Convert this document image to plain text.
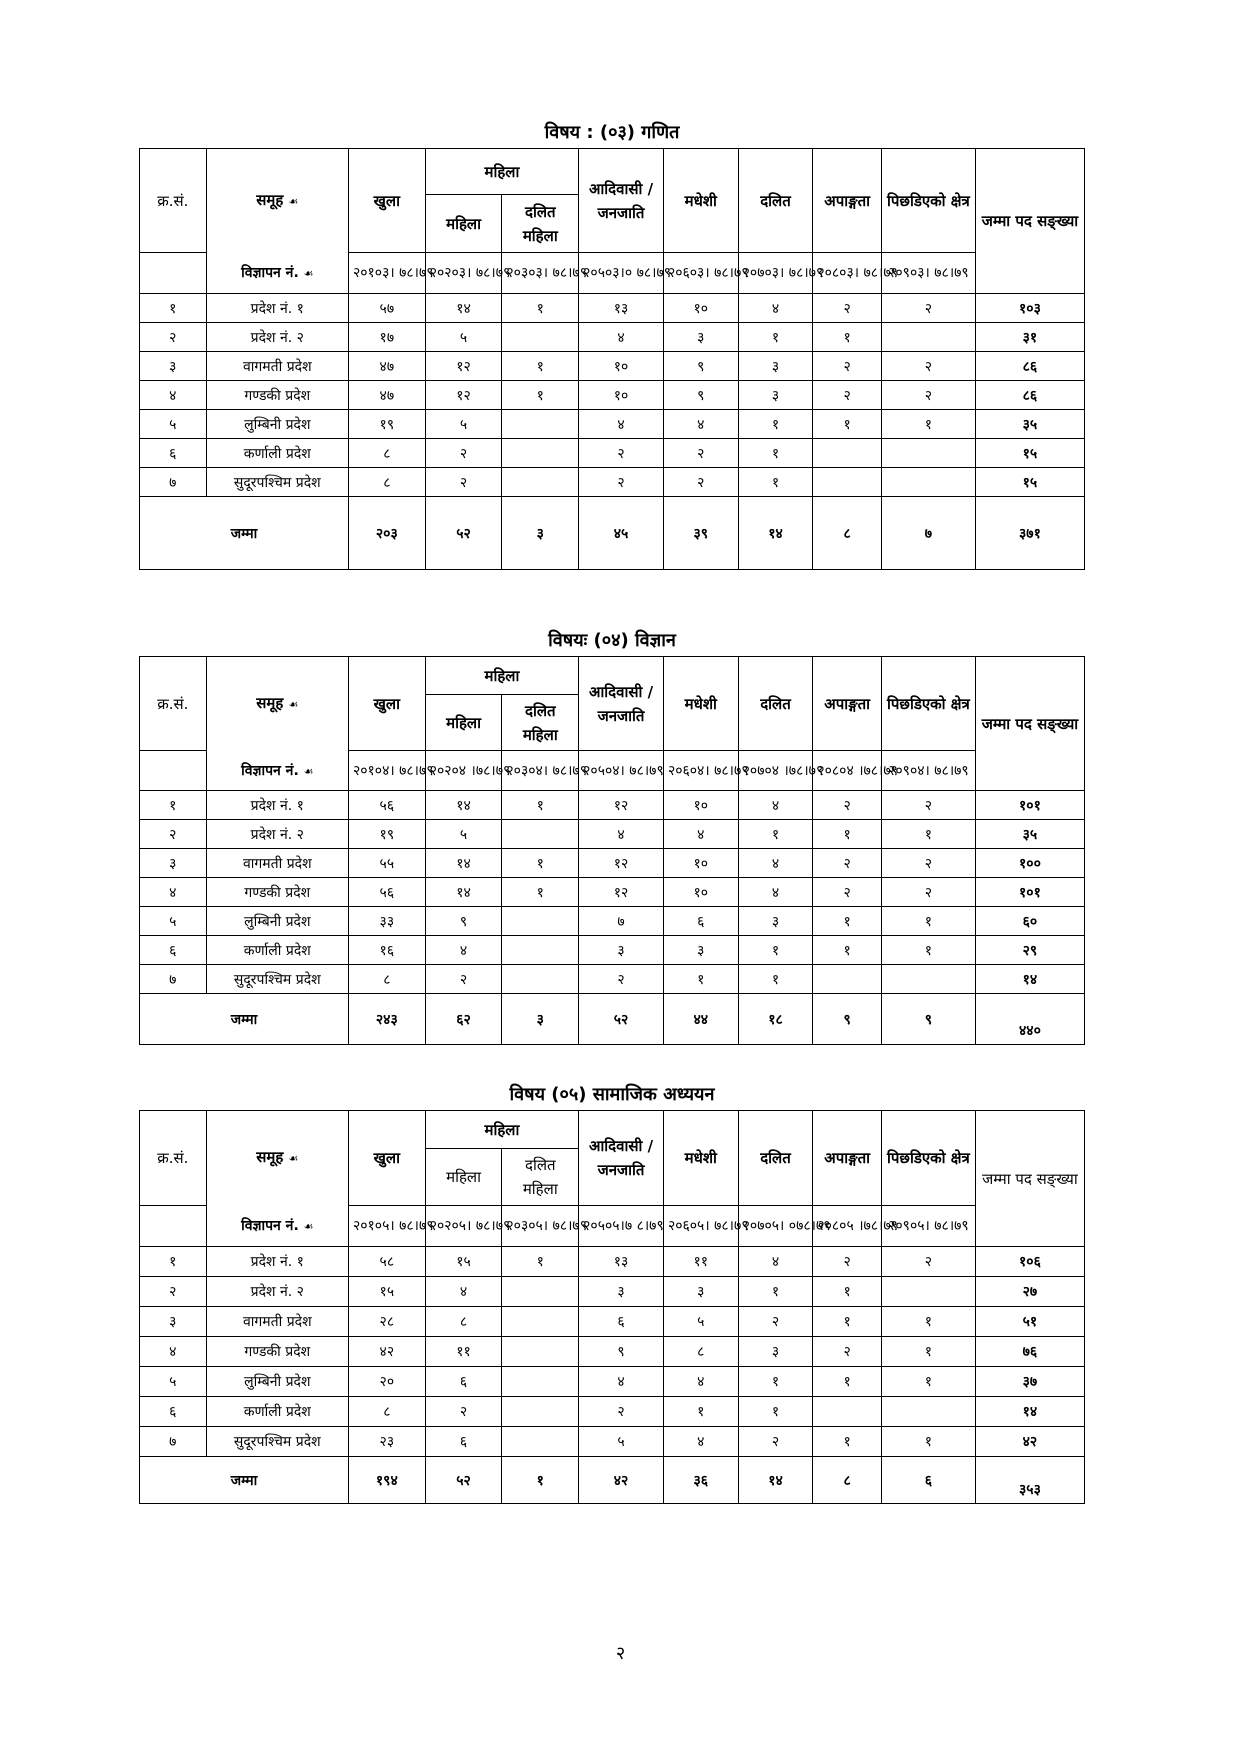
विषय : (०३) गणित
क्र.सं.	समूह ☙	खुला	महिला		आदिवासी / जनजाति	मधेशी	दलित	अपाङ्गता	पिछडिएको क्षेत्र	जम्मा पद सङ्ख्या
			महिला	दलित महिला						
	विज्ञापन नं. ☙	२०१०३। ७८।७९	२०२०३। ७८।७९	२०३०३। ७८।७९	२०५०३।० ७८।७९	२०६०३। ७८।७९	२०७०३। ७८।७९	२०८०३। ७८।७९	२०९०३। ७८।७९	
१	प्रदेश नं. १	५७	१४	१	१३	१०	४	२	२	१०३
२	प्रदेश नं. २	१७	५		४	३	१	१		३१
३	वागमती प्रदेश	४७	१२	१	१०	९	३	२	२	८६
४	गण्डकी प्रदेश	४७	१२	१	१०	९	३	२	२	८६
५	लुम्बिनी प्रदेश	१९	५		४	४	१	१	१	३५
६	कर्णाली प्रदेश	८	२		२	२	१			१५
७	सुदूरपश्चिम प्रदेश	८	२		२	२	१			१५
जम्मा		२०३	५२	३	४५	३९	१४	८	७	३७१
विषयः (०४) विज्ञान
क्र.सं.	समूह ☙	खुला	महिला		आदिवासी / जनजाति	मधेशी	दलित	अपाङ्गता	पिछडिएको क्षेत्र	जम्मा पद सङ्ख्या
			महिला	दलित महिला						
	विज्ञापन नं. ☙	२०१०४। ७८।७९	२०२०४ ।७८।७९	२०३०४। ७८।७९	२०५०४। ७८।७९	२०६०४। ७८।७९	२०७०४ ।७८।७९	२०८०४ ।७८।७९	२०९०४। ७८।७९	
१	प्रदेश नं. १	५६	१४	१	१२	१०	४	२	२	१०१
२	प्रदेश नं. २	१९	५		४	४	१	१	१	३५
३	वागमती प्रदेश	५५	१४	१	१२	१०	४	२	२	१००
४	गण्डकी प्रदेश	५६	१४	१	१२	१०	४	२	२	१०१
५	लुम्बिनी प्रदेश	३३	९		७	६	३	१	१	६०
६	कर्णाली प्रदेश	१६	४		३	३	१	१	१	२९
७	सुदूरपश्चिम प्रदेश	८	२		२	१	१			१४
जम्मा		२४३	६२	३	५२	४४	१८	९	९	४४०
विषय (०५) सामाजिक अध्ययन
क्र.सं.	समूह ☙	खुला	महिला		आदिवासी / जनजाति	मधेशी	दलित	अपाङ्गता	पिछडिएको क्षेत्र	जम्मा पद सङ्ख्या
			महिला	दलित महिला						
	विज्ञापन नं. ☙	२०१०५। ७८।७९	२०२०५। ७८।७९	२०३०५। ७८।७९	२०५०५।७ ८।७९	२०६०५। ७८।७९	२०७०५। ०७८।७९	२०८०५ ।७८।७९	२०९०५। ७८।७९	
१	प्रदेश नं. १	५८	१५	१	१३	११	४	२	२	१०६
२	प्रदेश नं. २	१५	४		३	३	१	१		२७
३	वागमती प्रदेश	२८	८		६	५	२	१	१	५१
४	गण्डकी प्रदेश	४२	११		९	८	३	२	१	७६
५	लुम्बिनी प्रदेश	२०	६		४	४	१	१	१	३७
६	कर्णाली प्रदेश	८	२		२	१	१			१४
७	सुदूरपश्चिम प्रदेश	२३	६		५	४	२	१	१	४२
जम्मा		१९४	५२	१	४२	३६	१४	८	६	३५३
२
